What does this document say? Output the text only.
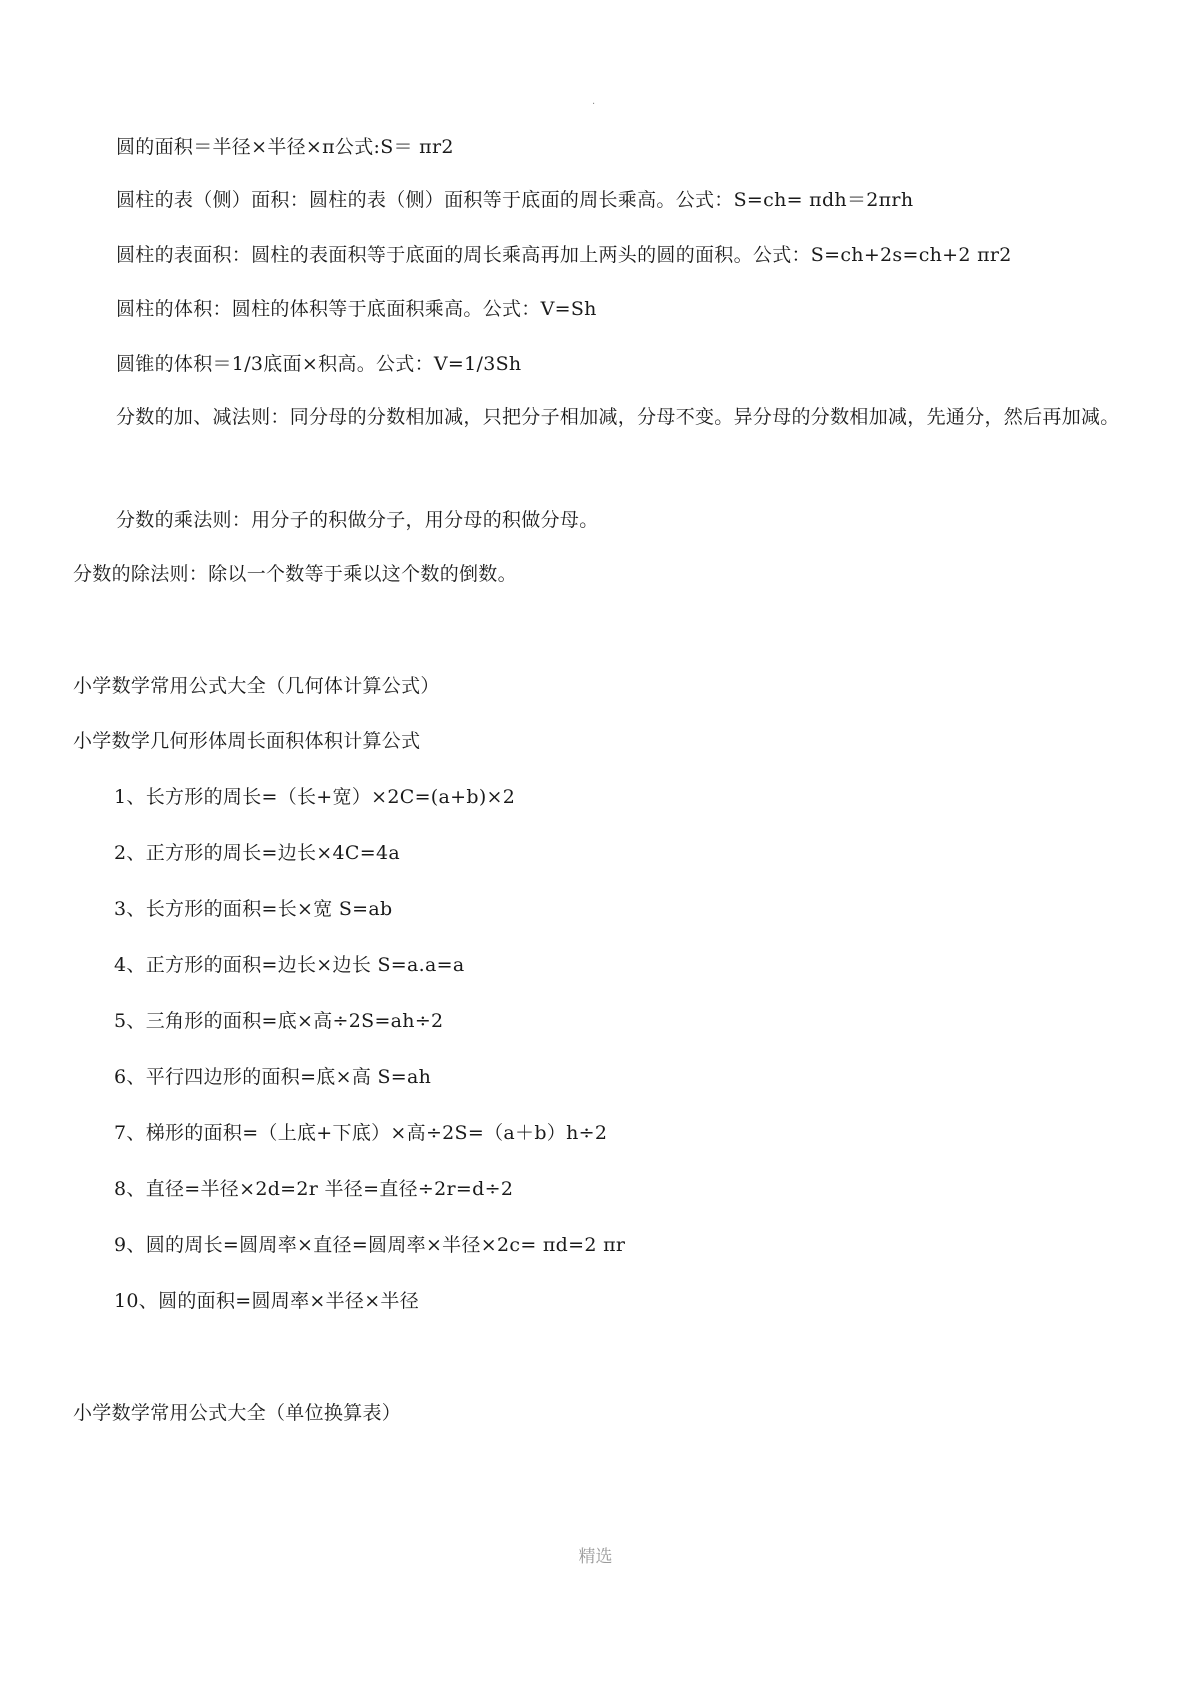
.
圆的面积＝半径×半径×π公式:S＝ πr2
圆柱的表（侧）面积：圆柱的表（侧）面积等于底面的周长乘高。公式：S=ch= πdh＝2πrh
圆柱的表面积：圆柱的表面积等于底面的周长乘高再加上两头的圆的面积。公式：S=ch+2s=ch+2 πr2
圆柱的体积：圆柱的体积等于底面积乘高。公式：V=Sh
圆锥的体积＝1/3底面×积高。公式：V=1/3Sh
分数的加、减法则：同分母的分数相加减，只把分子相加减，分母不变。异分母的分数相加减，先通分，然后再加减。
分数的乘法则：用分子的积做分子，用分母的积做分母。
分数的除法则：除以一个数等于乘以这个数的倒数。
小学数学常用公式大全（几何体计算公式）
小学数学几何形体周长面积体积计算公式
1、长方形的周长=（长+宽）×2C=(a+b)×2
2、正方形的周长=边长×4C=4a
3、长方形的面积=长×宽 S=ab
4、正方形的面积=边长×边长 S=a.a=a
5、三角形的面积=底×高÷2S=ah÷2
6、平行四边形的面积=底×高 S=ah
7、梯形的面积=（上底+下底）×高÷2S=（a＋b）h÷2
8、直径=半径×2d=2r 半径=直径÷2r=d÷2
9、圆的周长=圆周率×直径=圆周率×半径×2c= πd=2 πr
10、圆的面积=圆周率×半径×半径
小学数学常用公式大全（单位换算表）
精选
